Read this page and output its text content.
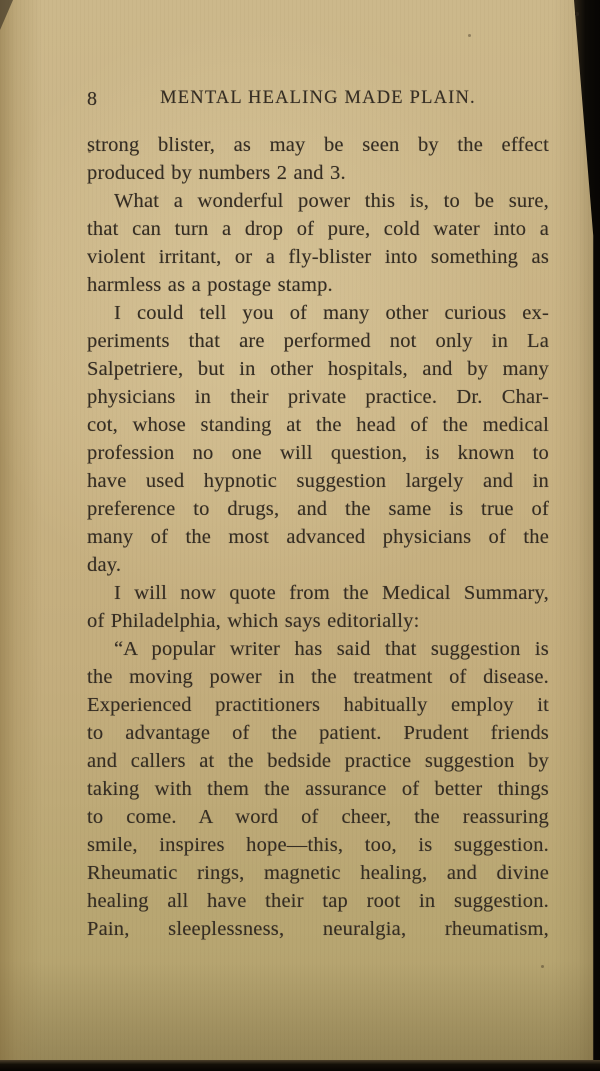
8	MENTAL HEALING MADE PLAIN.
strong blister, as may be seen by the effect
produced by numbers 2 and 3.
What a wonderful power this is, to be sure,
that can turn a drop of pure, cold water into a
violent irritant, or a fly-blister into something as
harmless as a postage stamp.
I could tell you of many other curious ex-
periments that are performed not only in La
Salpetriere, but in other hospitals, and by many
physicians in their private practice. Dr. Char-
cot, whose standing at the head of the medical
profession no one will question, is known to
have used hypnotic suggestion largely and in
preference to drugs, and the same is true of
many of the most advanced physicians of the
day.
I will now quote from the Medical Summary,
of Philadelphia, which says editorially:
“A popular writer has said that suggestion is
the moving power in the treatment of disease.
Experienced practitioners habitually employ it
to advantage of the patient. Prudent friends
and callers at the bedside practice suggestion by
taking with them the assurance of better things
to come. A word of cheer, the reassuring
smile, inspires hope—this, too, is suggestion.
Rheumatic rings, magnetic healing, and divine
healing all have their tap root in suggestion.
Pain, sleeplessness, neuralgia, rheumatism,
